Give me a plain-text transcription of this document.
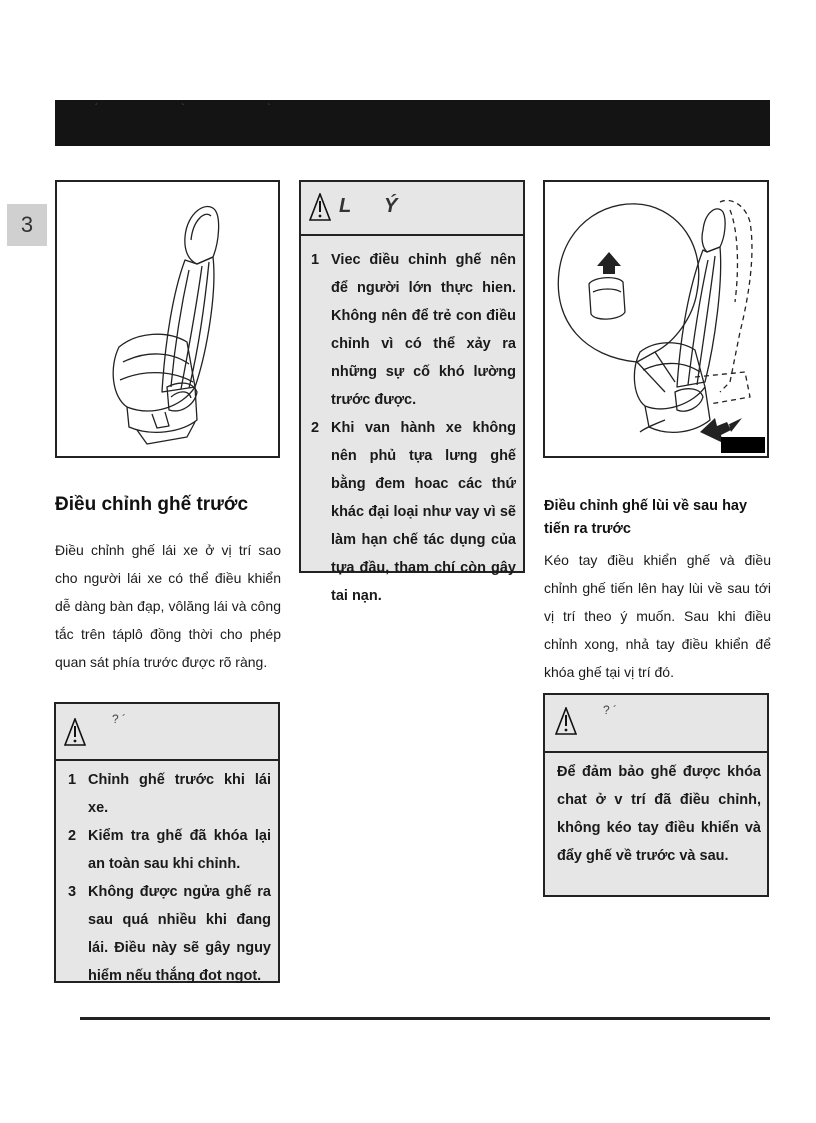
´ ` `
3
Điều chỉnh ghế trước
Điều chỉnh ghế lái xe ở vị trí sao cho người lái xe có thể điều khiển dễ dàng bàn đạp, vôlăng lái và công tắc trên táplô đồng thời cho phép quan sát phía trước được rõ ràng.
? ´
1 Chỉnh ghế trước khi lái xe.
2 Kiểm tra ghế đã khóa lại an toàn sau khi chỉnh.
3 Không được ngửa ghế ra sau quá nhiều khi đang lái. Điều này sẽ gây nguy hiểm nếu thắng đot ngot.
L Ý
1 Viec điều chỉnh ghế nên để người lớn thực hien. Không nên để trẻ con điều chỉnh vì có thể xảy ra những sự cố khó lường trước được.
2 Khi van hành xe không nên phủ tựa lưng ghế bằng đem hoac các thứ khác đại loại như vay vì sẽ làm hạn chế tác dụng của tựa đầu, tham chí còn gây tai nạn.
Điều chỉnh ghế lùi về sau hay tiến ra trước
Kéo tay điều khiển ghế và điều chỉnh ghế tiến lên hay lùi về sau tới vị trí theo ý muốn. Sau khi điều chỉnh xong, nhả tay điều khiển để khóa ghế tại vị trí đó.
? ´
Để đảm bảo ghế được khóa chat ở v trí đã điều chỉnh, không kéo tay điều khiển và đẩy ghế về trước và sau.
